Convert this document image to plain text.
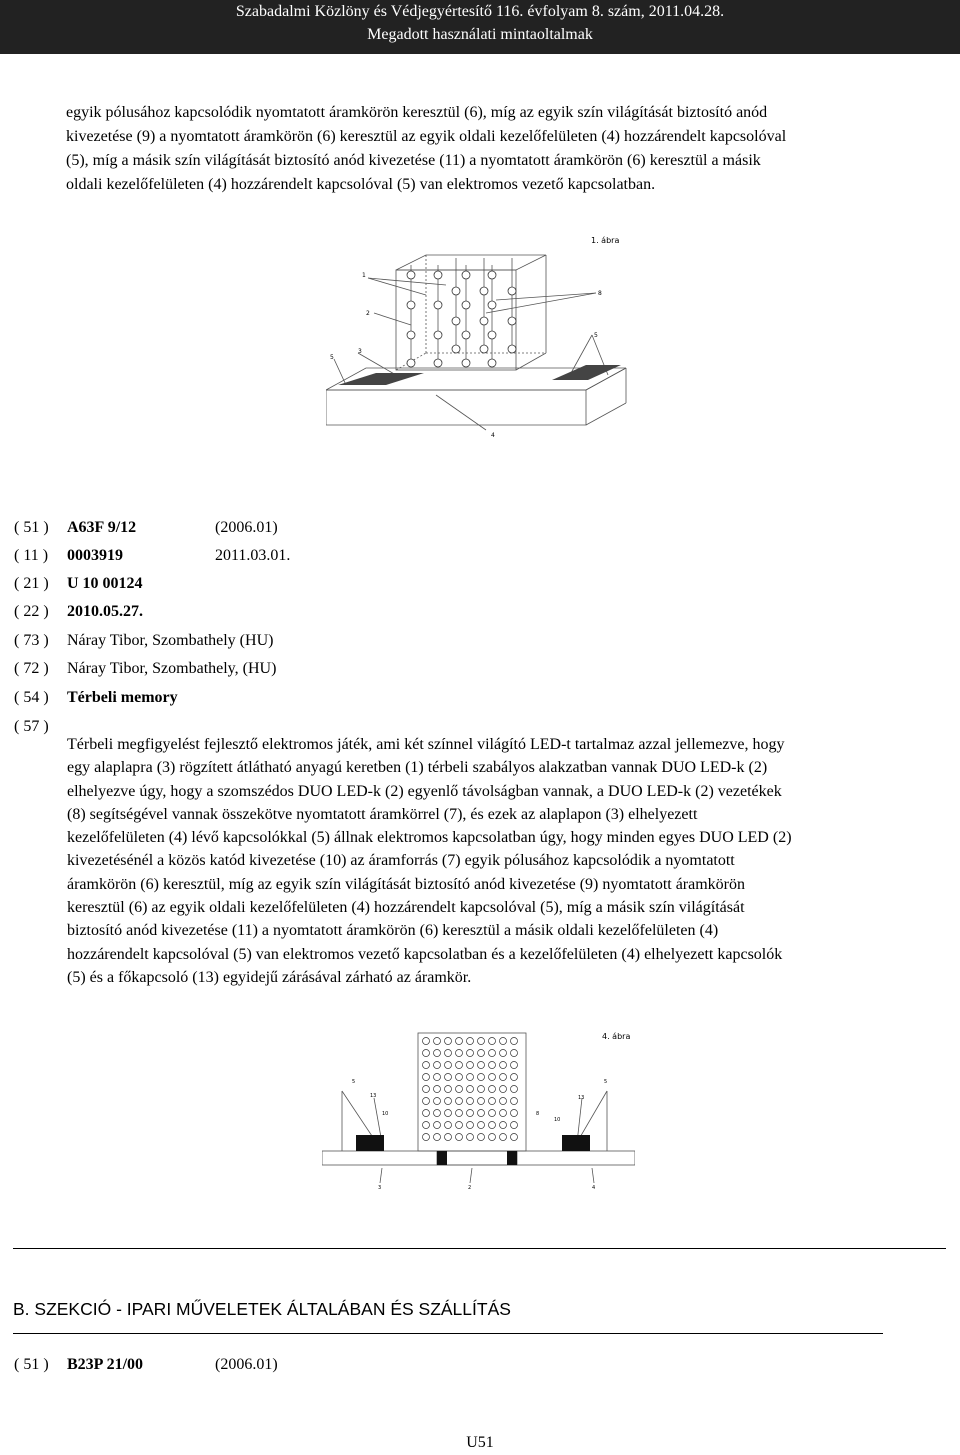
Szabadalmi Közlöny és Védjegyértesítő 116. évfolyam 8. szám, 2011.04.28.
Megadott használati mintaoltalmak
egyik pólusához kapcsolódik nyomtatott áramkörön keresztül (6), míg az egyik szín világítását biztosító anód
kivezetése (9) a nyomtatott áramkörön (6) keresztül az egyik oldali kezelőfelületen (4) hozzárendelt kapcsolóval
(5), míg a másik szín világítását biztosító anód kivezetése (11) a nyomtatott áramkörön (6) keresztül a másik
oldali kezelőfelületen (4) hozzárendelt kapcsolóval (5) van elektromos vezető kapcsolatban.
1. ábra
1
2
3
4
5
5
8
( 51 )	A63F 9/12	(2006.01)
( 11 )	0003919	2011.03.01.
( 21 )	U 10 00124
( 22 )	2010.05.27.
( 73 )	Náray Tibor, Szombathely (HU)
( 72 )	Náray Tibor, Szombathely, (HU)
( 54 )	Térbeli memory
( 57 )
Térbeli megfigyelést fejlesztő elektromos játék, ami két színnel világító LED-t tartalmaz azzal jellemezve, hogy
egy alaplapra (3) rögzített átlátható anyagú keretben (1) térbeli szabályos alakzatban vannak DUO LED-k (2)
elhelyezve úgy, hogy a szomszédos DUO LED-k (2) egyenlő távolságban vannak, a DUO LED-k (2) vezetékek
(8) segítségével vannak összekötve nyomtatott áramkörrel (7), és ezek az alaplapon (3) elhelyezett
kezelőfelületen (4) lévő kapcsolókkal (5) állnak elektromos kapcsolatban úgy, hogy minden egyes DUO LED (2)
kivezetésénél a közös katód kivezetése (10) az áramforrás (7) egyik pólusához kapcsolódik a nyomtatott
áramkörön (6) keresztül, míg az egyik szín világítását biztosító anód kivezetése (9) nyomtatott áramkörön
keresztül (6) az egyik oldali kezelőfelületen (4) hozzárendelt kapcsolóval (5), míg a másik szín világítását
biztosító anód kivezetése (11) a nyomtatott áramkörön (6) keresztül a másik oldali kezelőfelületen (4)
hozzárendelt kapcsolóval (5) van elektromos vezető kapcsolatban és a kezelőfelületen (4) elhelyezett kapcsolók
(5) és a főkapcsoló (13) egyidejű zárásával zárható az áramkör.
4. ábra
5
13
10	8
10
13
5
3	2	4
B. SZEKCIÓ - IPARI MŰVELETEK ÁLTALÁBAN ÉS SZÁLLÍTÁS
( 51 )	B23P 21/00	(2006.01)
U51
